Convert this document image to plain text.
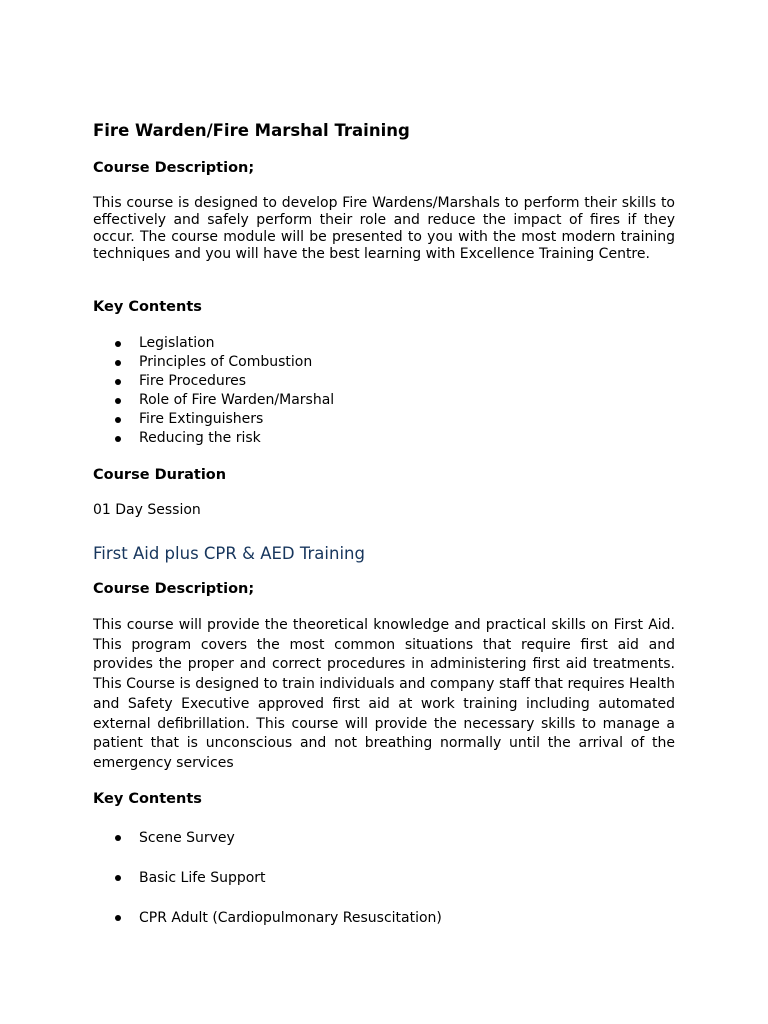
Fire Warden/Fire Marshal Training
Course Description;

This course is designed to develop Fire Wardens/Marshals to perform their skills to effectively and safely perform their role and reduce the impact of fires if they occur. The course module will be presented to you with the most modern training techniques and you will have the best learning with Excellence Training Centre.

Key Contents
Legislation
Principles of Combustion
Fire Procedures
Role of Fire Warden/Marshal
Fire Extinguishers
Reducing the risk
Course Duration
01 Day Session
First Aid plus CPR & AED Training
Course Description;

This course will provide the theoretical knowledge and practical skills on First Aid. This program covers the most common situations that require first aid and provides the proper and correct procedures in administering first aid treatments. This Course is designed to train individuals and company staff that requires Health and Safety Executive approved first aid at work training including automated external defibrillation. This course will provide the necessary skills to manage a patient that is unconscious and not breathing normally until the arrival of the emergency services

Key Contents
Scene Survey
Basic Life Support
CPR Adult (Cardiopulmonary Resuscitation)
